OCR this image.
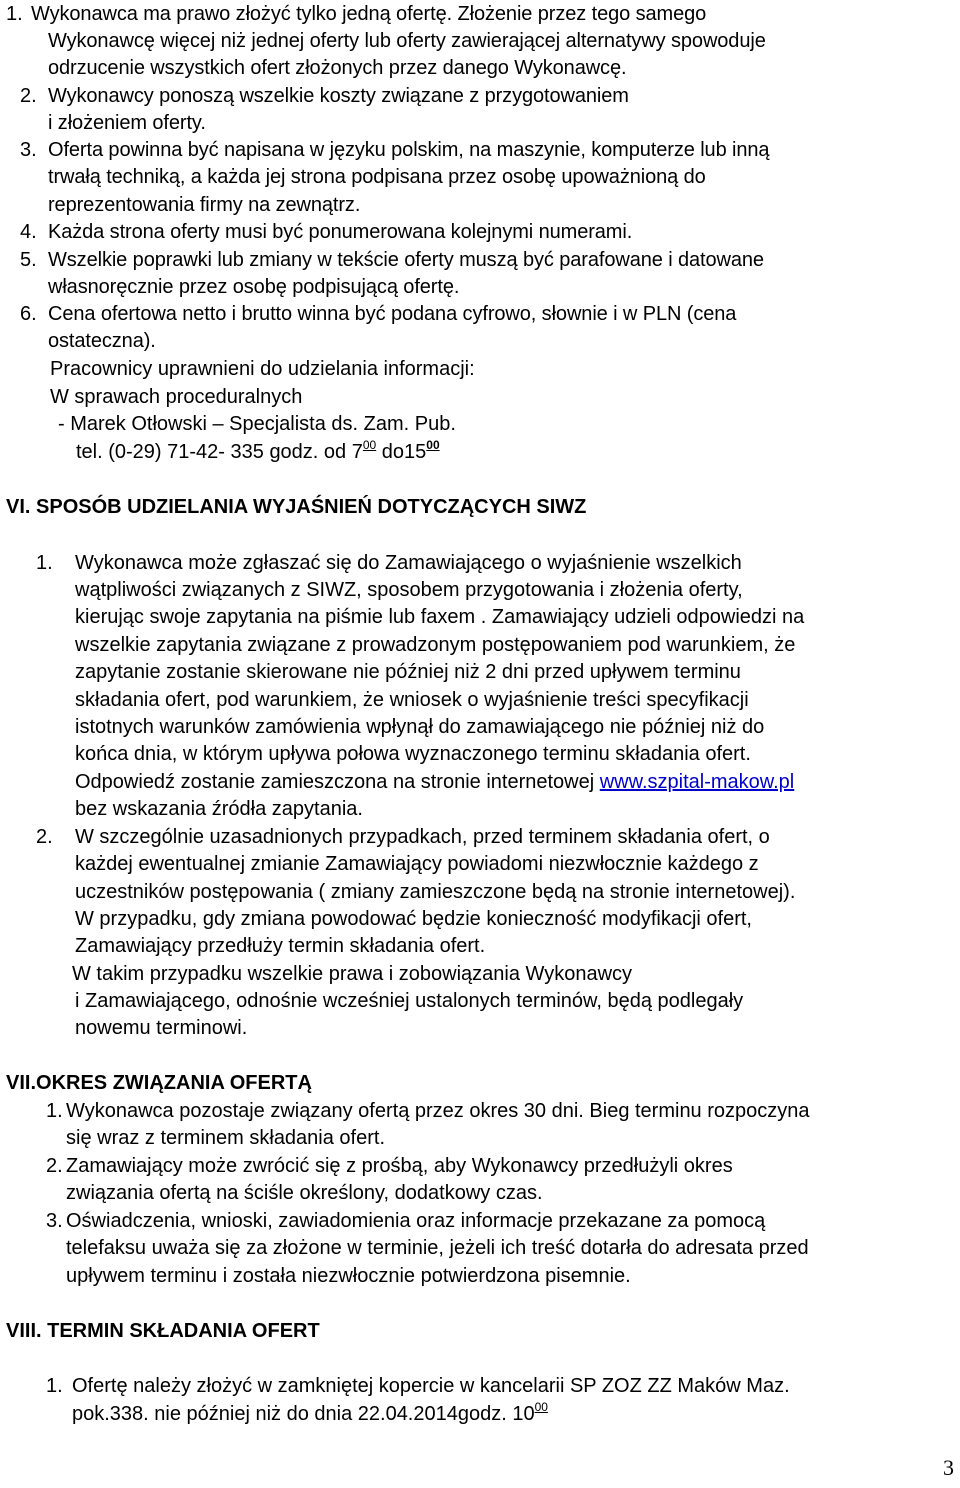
1. Wykonawca ma prawo złożyć tylko jedną ofertę. Złożenie przez tego samego
Wykonawcę więcej niż jednej oferty lub oferty zawierającej alternatywy spowoduje
odrzucenie wszystkich ofert złożonych przez danego Wykonawcę.
2. Wykonawcy ponoszą wszelkie koszty związane z przygotowaniem
i złożeniem oferty.
3. Oferta powinna być napisana w języku polskim, na maszynie, komputerze lub inną
trwałą techniką, a każda jej strona podpisana przez osobę upoważnioną do
reprezentowania firmy na zewnątrz.
4. Każda strona oferty musi być ponumerowana kolejnymi numerami.
5. Wszelkie poprawki lub zmiany w tekście oferty muszą być parafowane i datowane
własnoręcznie przez osobę podpisującą ofertę.
6. Cena ofertowa netto i brutto winna być podana cyfrowo, słownie i w PLN (cena
ostateczna).
Pracownicy uprawnieni do udzielania informacji:
W sprawach proceduralnych
- Marek Otłowski – Specjalista ds. Zam. Pub.
tel. (0-29) 71-42- 335 godz. od $7^{00}$ $do15^{00}$
VI. SPOSÓB UDZIELANIA WYJAŚNIEŃ DOTYCZĄCYCH SIWZ
1. Wykonawca może zgłaszać się do Zamawiającego o wyjaśnienie wszelkich
wątpliwości związanych z SIWZ, sposobem przygotowania i złożenia oferty,
kierując swoje zapytania na piśmie lub faxem . Zamawiający udzieli odpowiedzi na
wszelkie zapytania związane z prowadzonym postępowaniem pod warunkiem, że
zapytanie zostanie skierowane nie później niż 2 dni przed upływem terminu
składania ofert, pod warunkiem, że wniosek o wyjaśnienie treści specyfikacji
istotnych warunków zamówienia wpłynął do zamawiającego nie później niż do
końca dnia, w którym upływa połowa wyznaczonego terminu składania ofert.
Odpowiedź zostanie zamieszczona na stronie internetowej www.szpital-makow.pl
bez wskazania źródła zapytania.
2. W szczególnie uzasadnionych przypadkach, przed terminem składania ofert, o
każdej ewentualnej zmianie Zamawiający powiadomi niezwłocznie każdego z
uczestników postępowania ( zmiany zamieszczone będą na stronie internetowej).
W przypadku, gdy zmiana powodować będzie konieczność modyfikacji ofert,
Zamawiający przedłuży termin składania ofert.
W takim przypadku wszelkie prawa i zobowiązania Wykonawcy
i Zamawiającego, odnośnie wcześniej ustalonych terminów, będą podlegały
nowemu terminowi.
VII.OKRES ZWIĄZANIA OFERTĄ
1. Wykonawca pozostaje związany ofertą przez okres 30 dni. Bieg terminu rozpoczyna
się wraz z terminem składania ofert.
2. Zamawiający może zwrócić się z prośbą, aby Wykonawcy przedłużyli okres
związania ofertą na ściśle określony, dodatkowy czas.
3. Oświadczenia, wnioski, zawiadomienia oraz informacje przekazane za pomocą
telefaksu uważa się za złożone w terminie, jeżeli ich treść dotarła do adresata przed
upływem terminu i została niezwłocznie potwierdzona pisemnie.
VIII. TERMIN SKŁADANIA OFERT
1. Ofertę należy złożyć w zamkniętej kopercie w kancelarii SP ZOZ ZZ Maków Maz.
pok.338. nie później niż do dnia 22.04.2014godz. $10^{00}$
3
